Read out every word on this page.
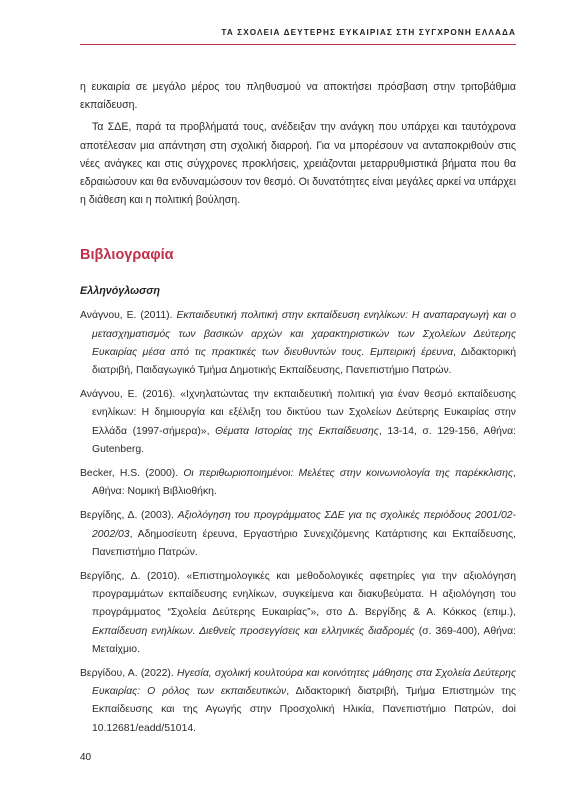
ΤΑ ΣΧΟΛΕΙΑ ΔΕΥΤΕΡΗΣ ΕΥΚΑΙΡΙΑΣ ΣΤΗ ΣΥΓΧΡΟΝΗ ΕΛΛΑΔΑ

η ευκαιρία σε μεγάλο μέρος του πληθυσμού να αποκτήσει πρόσβαση στην τριτοβάθμια εκπαίδευση.

Τα ΣΔΕ, παρά τα προβλήματά τους, ανέδειξαν την ανάγκη που υπάρχει και ταυτόχρονα αποτέλεσαν μια απάντηση στη σχολική διαρροή. Για να μπορέσουν να ανταποκριθούν στις νέες ανάγκες και στις σύγχρονες προκλήσεις, χρειάζονται μεταρρυθμιστικά βήματα που θα εδραιώσουν και θα ενδυναμώσουν τον θεσμό. Οι δυνατότητες είναι μεγάλες αρκεί να υπάρχει η διάθεση και η πολιτική βούληση.

Βιβλιογραφία
Ελληνόγλωσση

Ανάγνου, Ε. (2011). Εκπαιδευτική πολιτική στην εκπαίδευση ενηλίκων: Η αναπαραγωγή και ο μετασχηματισμός των βασικών αρχών και χαρακτηριστικών των Σχολείων Δεύτερης Ευκαιρίας μέσα από τις πρακτικές των διευθυντών τους. Εμπειρική έρευνα, Διδακτορική διατριβή, Παιδαγωγικό Τμήμα Δημοτικής Εκπαίδευσης, Πανεπιστήμιο Πατρών.

Ανάγνου, Ε. (2016). «Ιχνηλατώντας την εκπαιδευτική πολιτική για έναν θεσμό εκπαίδευσης ενηλίκων: Η δημιουργία και εξέλιξη του δικτύου των Σχολείων Δεύτερης Ευκαιρίας στην Ελλάδα (1997-σήμερα)», Θέματα Ιστορίας της Εκπαίδευσης, 13-14, σ. 129-156, Αθήνα: Gutenberg.

Becker, H.S. (2000). Οι περιθωριοποιημένοι: Μελέτες στην κοινωνιολογία της παρέκκλισης, Αθήνα: Νομική Βιβλιοθήκη.

Βεργίδης, Δ. (2003). Αξιολόγηση του προγράμματος ΣΔΕ για τις σχολικές περιόδους 2001/02-2002/03, Αδημοσίευτη έρευνα, Εργαστήριο Συνεχιζόμενης Κατάρτισης και Εκπαίδευσης, Πανεπιστήμιο Πατρών.

Βεργίδης, Δ. (2010). «Επιστημολογικές και μεθοδολογικές αφετηρίες για την αξιολόγηση προγραμμάτων εκπαίδευσης ενηλίκων, συγκείμενα και διακυβεύματα. Η αξιολόγηση του προγράμματος “Σχολεία Δεύτερης Ευκαιρίας”», στο Δ. Βεργίδης & Α. Κόκκος (επιμ.), Εκπαίδευση ενηλίκων. Διεθνείς προσεγγίσεις και ελληνικές διαδρομές (σ. 369-400), Αθήνα: Μεταίχμιο.

Βεργίδου, Α. (2022). Ηγεσία, σχολική κουλτούρα και κοινότητες μάθησης στα Σχολεία Δεύτερης Ευκαιρίας: Ο ρόλος των εκπαιδευτικών, Διδακτορική διατριβή, Τμήμα Επιστημών της Εκπαίδευσης και της Αγωγής στην Προσχολική Ηλικία, Πανεπιστήμιο Πατρών, doi 10.12681/eadd/51014.

40
